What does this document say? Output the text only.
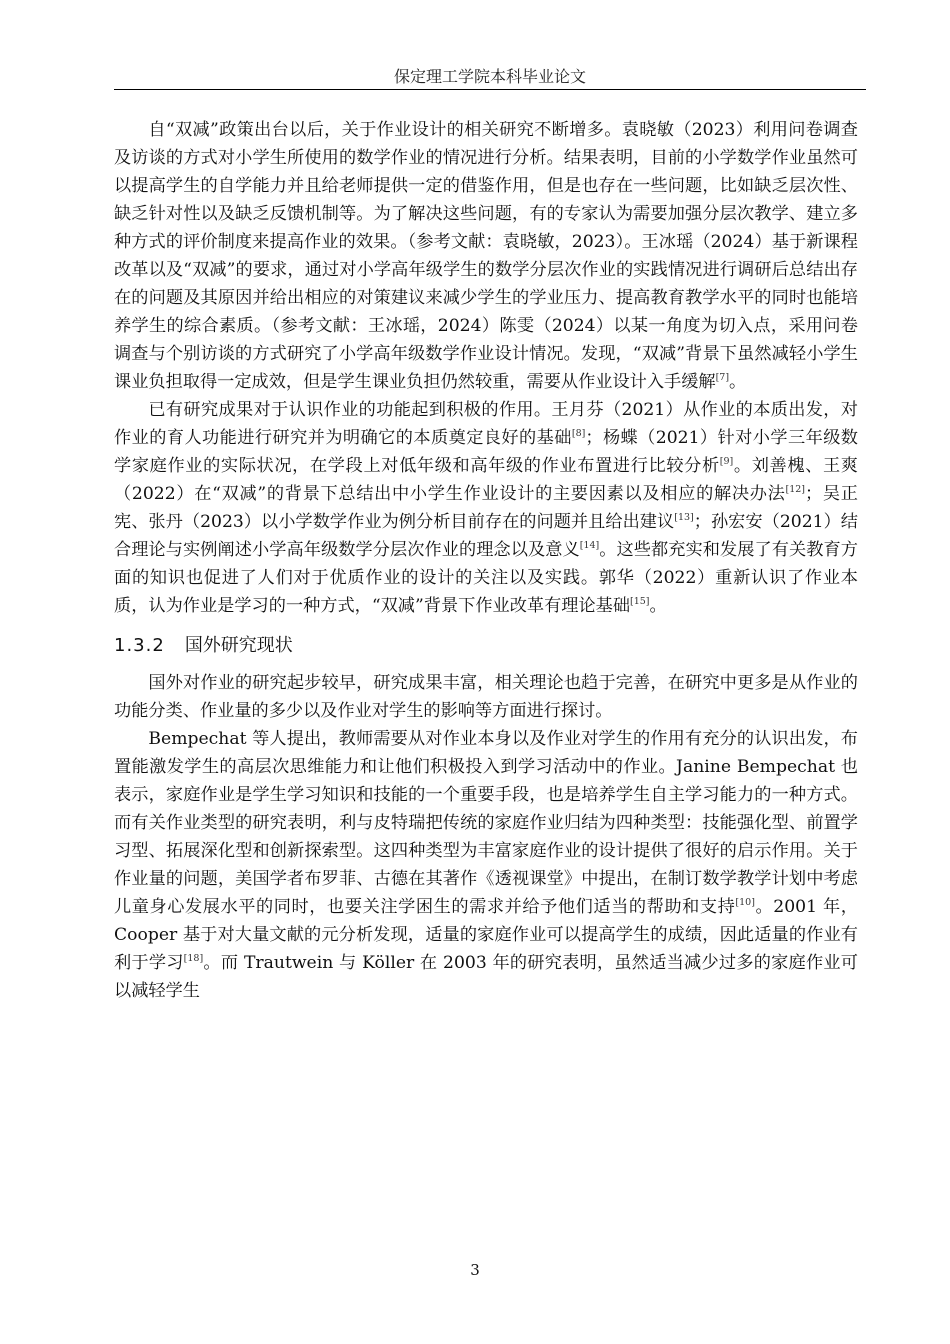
保定理工学院本科毕业论文

自“双减”政策出台以后，关于作业设计的相关研究不断增多。袁晓敏（2023）利用问卷调查及访谈的方式对小学生所使用的数学作业的情况进行分析。结果表明，目前的小学数学作业虽然可以提高学生的自学能力并且给老师提供一定的借鉴作用，但是也存在一些问题，比如缺乏层次性、缺乏针对性以及缺乏反馈机制等。为了解决这些问题，有的专家认为需要加强分层次教学、建立多种方式的评价制度来提高作业的效果。（参考文献：袁晓敏，2023）。王冰瑶（2024）基于新课程改革以及“双减”的要求，通过对小学高年级学生的数学分层次作业的实践情况进行调研后总结出存在的问题及其原因并给出相应的对策建议来减少学生的学业压力、提高教育教学水平的同时也能培养学生的综合素质。（参考文献：王冰瑶，2024）陈雯（2024）以某一角度为切入点，采用问卷调查与个别访谈的方式研究了小学高年级数学作业设计情况。发现，“双减”背景下虽然减轻小学生课业负担取得一定成效，但是学生课业负担仍然较重，需要从作业设计入手缓解[7]。

已有研究成果对于认识作业的功能起到积极的作用。王月芬（2021）从作业的本质出发，对作业的育人功能进行研究并为明确它的本质奠定良好的基础[8]；杨蝶（2021）针对小学三年级数学家庭作业的实际状况，在学段上对低年级和高年级的作业布置进行比较分析[9]。刘善槐、王爽（2022）在“双减”的背景下总结出中小学生作业设计的主要因素以及相应的解决办法[12]；吴正宪、张丹（2023）以小学数学作业为例分析目前存在的问题并且给出建议[13]；孙宏安（2021）结合理论与实例阐述小学高年级数学分层次作业的理念以及意义[14]。这些都充实和发展了有关教育方面的知识也促进了人们对于优质作业的设计的关注以及实践。郭华（2022）重新认识了作业本质，认为作业是学习的一种方式，“双减”背景下作业改革有理论基础[15]。

1.3.2 国外研究现状

国外对作业的研究起步较早，研究成果丰富，相关理论也趋于完善，在研究中更多是从作业的功能分类、作业量的多少以及作业对学生的影响等方面进行探讨。

Bempechat 等人提出，教师需要从对作业本身以及作业对学生的作用有充分的认识出发，布置能激发学生的高层次思维能力和让他们积极投入到学习活动中的作业。Janine Bempechat 也表示，家庭作业是学生学习知识和技能的一个重要手段，也是培养学生自主学习能力的一种方式。而有关作业类型的研究表明，利与皮特瑞把传统的家庭作业归结为四种类型：技能强化型、前置学习型、拓展深化型和创新探索型。这四种类型为丰富家庭作业的设计提供了很好的启示作用。关于作业量的问题，美国学者布罗菲、古德在其著作《透视课堂》中提出，在制订数学教学计划中考虑儿童身心发展水平的同时，也要关注学困生的需求并给予他们适当的帮助和支持[10]。2001 年，Cooper 基于对大量文献的元分析发现，适量的家庭作业可以提高学生的成绩，因此适量的作业有利于学习[18]。而 Trautwein 与 Köller 在 2003 年的研究表明，虽然适当减少过多的家庭作业可以减轻学生

3
